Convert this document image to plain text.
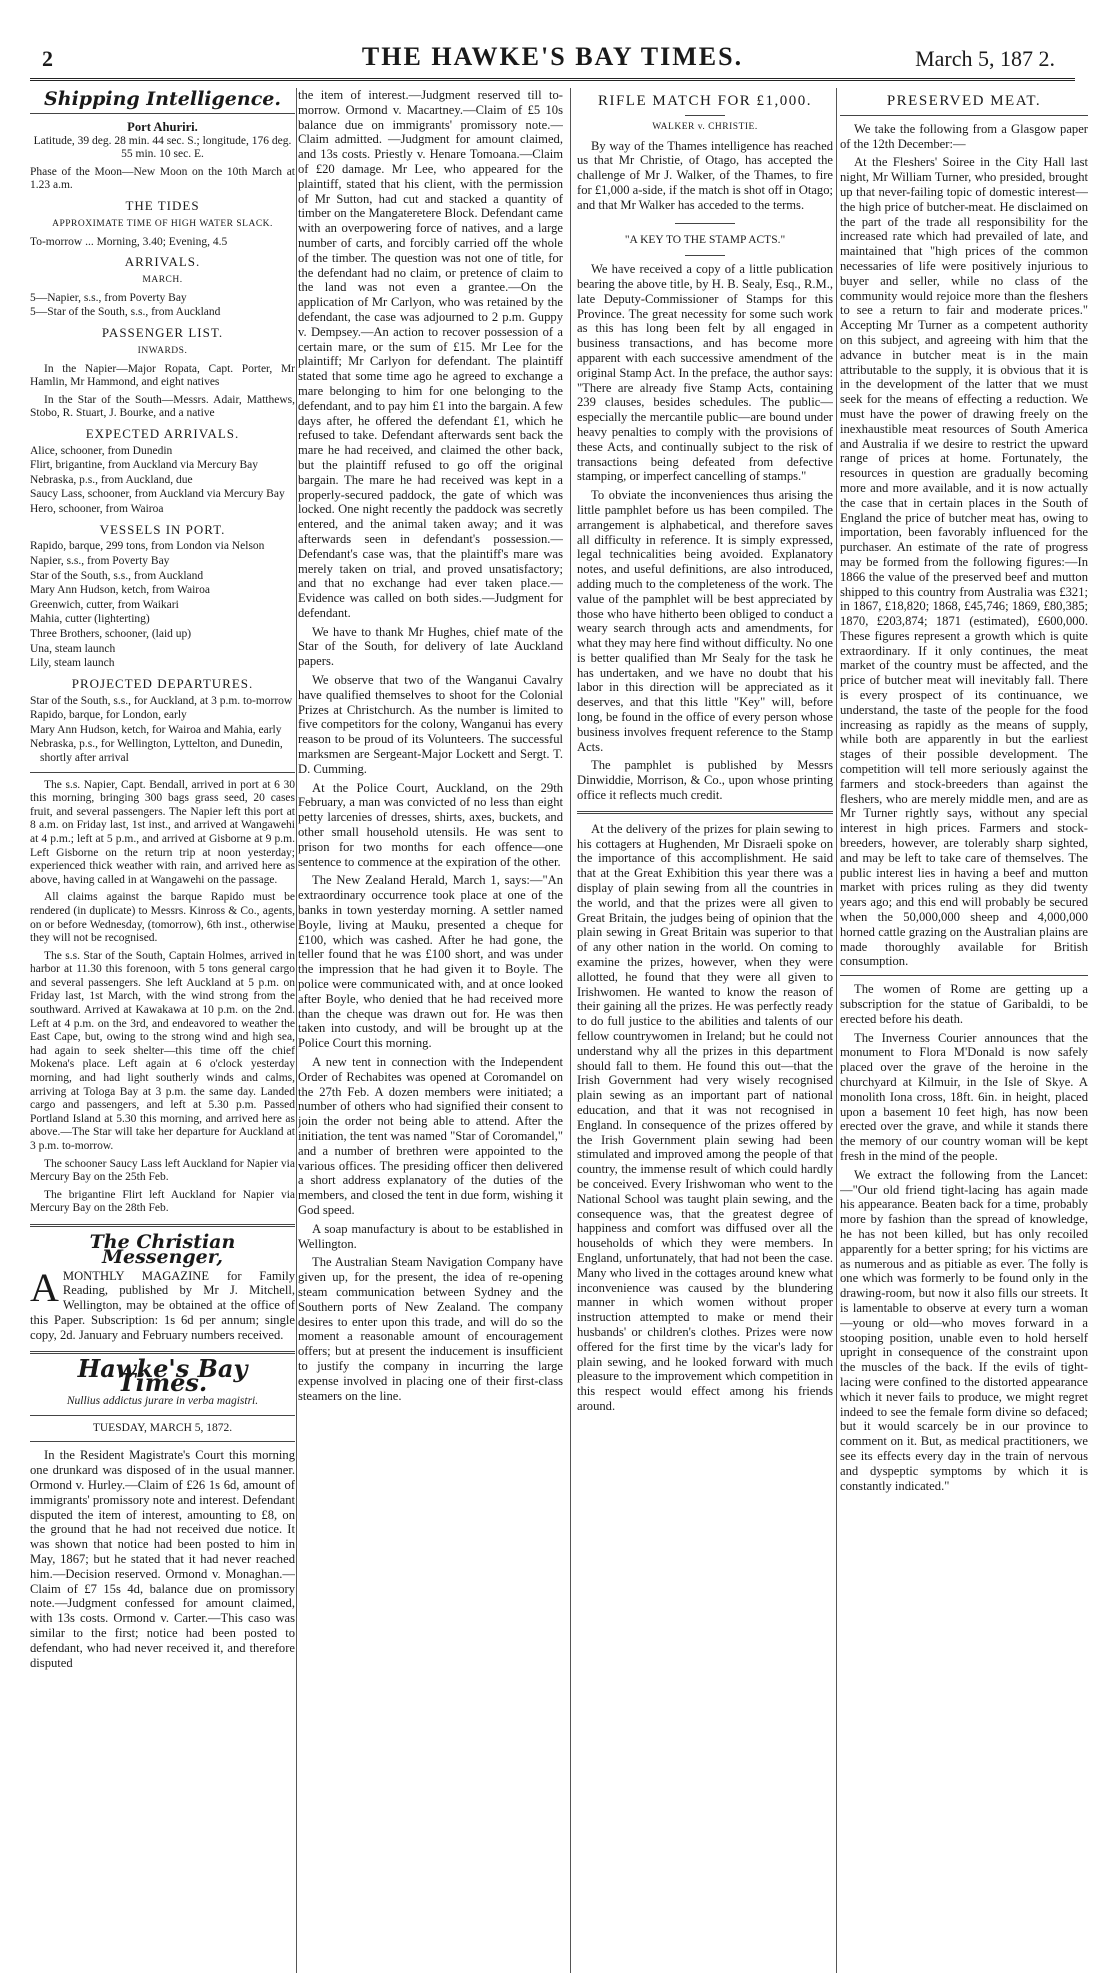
2	THE HAWKE'S BAY TIMES.	March 5, 187 2.
Shipping Intelligence.
Port Ahuriri.

Latitude, 39 deg. 28 min. 44 sec. S.; longitude, 176 deg. 55 min. 10 sec. E.

Phase of the Moon—New Moon on the 10th March at 1.23 a.m.

THE TIDES
APPROXIMATE TIME OF HIGH WATER SLACK.

To-morrow ... Morning, 3.40; Evening, 4.5

ARRIVALS.
MARCH.
5—Napier, s.s., from Poverty Bay
5—Star of the South, s.s., from Auckland
PASSENGER LIST.
INWARDS.

In the Napier—Major Ropata, Capt. Porter, Mr Hamlin, Mr Hammond, and eight natives

In the Star of the South—Messrs. Adair, Matthews, Stobo, R. Stuart, J. Bourke, and a native

EXPECTED ARRIVALS.
Alice, schooner, from Dunedin
Flirt, brigantine, from Auckland via Mercury Bay
Nebraska, p.s., from Auckland, due
Saucy Lass, schooner, from Auckland via Mercury Bay
Hero, schooner, from Wairoa
VESSELS IN PORT.
Rapido, barque, 299 tons, from London via Nelson
Napier, s.s., from Poverty Bay
Star of the South, s.s., from Auckland
Mary Ann Hudson, ketch, from Wairoa
Greenwich, cutter, from Waikari
Mahia, cutter (lighterting)
Three Brothers, schooner, (laid up)
Una, steam launch
Lily, steam launch
PROJECTED DEPARTURES.
Star of the South, s.s., for Auckland, at 3 p.m. to-morrow
Rapido, barque, for London, early
Mary Ann Hudson, ketch, for Wairoa and Mahia, early
Nebraska, p.s., for Wellington, Lyttelton, and Dunedin, shortly after arrival

The s.s. Napier, Capt. Bendall, arrived in port at 6 30 this morning, bringing 300 bags grass seed, 20 cases fruit, and several passengers. The Napier left this port at 8 a.m. on Friday last, 1st inst., and arrived at Wangawehi at 4 p.m.; left at 5 p.m., and arrived at Gisborne at 9 p.m. Left Gisborne on the return trip at noon yesterday; experienced thick weather with rain, and arrived here as above, having called in at Wangawehi on the passage.

All claims against the barque Rapido must be rendered (in duplicate) to Messrs. Kinross & Co., agents, on or before Wednesday, (tomorrow), 6th inst., otherwise they will not be recognised.

The s.s. Star of the South, Captain Holmes, arrived in harbor at 11.30 this forenoon, with 5 tons general cargo and several passengers. She left Auckland at 5 p.m. on Friday last, 1st March, with the wind strong from the southward. Arrived at Kawakawa at 10 p.m. on the 2nd. Left at 4 p.m. on the 3rd, and endeavored to weather the East Cape, but, owing to the strong wind and high sea, had again to seek shelter—this time off the chief Mokena's place. Left again at 6 o'clock yesterday morning, and had light southerly winds and calms, arriving at Tologa Bay at 3 p.m. the same day. Landed cargo and passengers, and left at 5.30 p.m. Passed Portland Island at 5.30 this morning, and arrived here as above.—The Star will take her departure for Auckland at 3 p.m. to-morrow.

The schooner Saucy Lass left Auckland for Napier via Mercury Bay on the 25th Feb.

The brigantine Flirt left Auckland for Napier via Mercury Bay on the 28th Feb.

The Christian Messenger,

AMONTHLY MAGAZINE for Family Reading, published by Mr J. Mitchell, Wellington, may be obtained at the office of this Paper. Subscription: 1s 6d per annum; single copy, 2d. January and February numbers received.

Hawke's Bay Times.
Nullius addictus jurare in verba magistri.
TUESDAY, MARCH 5, 1872.

In the Resident Magistrate's Court this morning one drunkard was disposed of in the usual manner. Ormond v. Hurley.—Claim of £26 1s 6d, amount of immigrants' promissory note and interest. Defendant disputed the item of interest, amounting to £8, on the ground that he had not received due notice. It was shown that notice had been posted to him in May, 1867; but he stated that it had never reached him.—Decision reserved. Ormond v. Monaghan.—Claim of £7 15s 4d, balance due on promissory note.—Judgment confessed for amount claimed, with 13s costs. Ormond v. Carter.—This caso was similar to the first; notice had been posted to defendant, who had never received it, and therefore disputed

the item of interest.—Judgment reserved till to-morrow. Ormond v. Macartney.—Claim of £5 10s balance due on immigrants' promissory note.—Claim admitted. —Judgment for amount claimed, and 13s costs. Priestly v. Henare Tomoana.—Claim of £20 damage. Mr Lee, who appeared for the plaintiff, stated that his client, with the permission of Mr Sutton, had cut and stacked a quantity of timber on the Mangateretere Block. Defendant came with an overpowering force of natives, and a large number of carts, and forcibly carried off the whole of the timber. The question was not one of title, for the defendant had no claim, or pretence of claim to the land was not even a grantee.—On the application of Mr Carlyon, who was retained by the defendant, the case was adjourned to 2 p.m. Guppy v. Dempsey.—An action to recover possession of a certain mare, or the sum of £15. Mr Lee for the plaintiff; Mr Carlyon for defendant. The plaintiff stated that some time ago he agreed to exchange a mare belonging to him for one belonging to the defendant, and to pay him £1 into the bargain. A few days after, he offered the defendant £1, which he refused to take. Defendant afterwards sent back the mare he had received, and claimed the other back, but the plaintiff refused to go off the original bargain. The mare he had received was kept in a properly-secured paddock, the gate of which was locked. One night recently the paddock was secretly entered, and the animal taken away; and it was afterwards seen in defendant's possession.—Defendant's case was, that the plaintiff's mare was merely taken on trial, and proved unsatisfactory; and that no exchange had ever taken place.—Evidence was called on both sides.—Judgment for defendant.

We have to thank Mr Hughes, chief mate of the Star of the South, for delivery of late Auckland papers.

We observe that two of the Wanganui Cavalry have qualified themselves to shoot for the Colonial Prizes at Christchurch. As the number is limited to five competitors for the colony, Wanganui has every reason to be proud of its Volunteers. The successful marksmen are Sergeant-Major Lockett and Sergt. T. D. Cumming.

At the Police Court, Auckland, on the 29th February, a man was convicted of no less than eight petty larcenies of dresses, shirts, axes, buckets, and other small household utensils. He was sent to prison for two months for each offence—one sentence to commence at the expiration of the other.

The New Zealand Herald, March 1, says:—"An extraordinary occurrence took place at one of the banks in town yesterday morning. A settler named Boyle, living at Mauku, presented a cheque for £100, which was cashed. After he had gone, the teller found that he was £100 short, and was under the impression that he had given it to Boyle. The police were communicated with, and at once looked after Boyle, who denied that he had received more than the cheque was drawn out for. He was then taken into custody, and will be brought up at the Police Court this morning.

A new tent in connection with the Independent Order of Rechabites was opened at Coromandel on the 27th Feb. A dozen members were initiated; a number of others who had signified their consent to join the order not being able to attend. After the initiation, the tent was named "Star of Coromandel," and a number of brethren were appointed to the various offices. The presiding officer then delivered a short address explanatory of the duties of the members, and closed the tent in due form, wishing it God speed.

A soap manufactury is about to be established in Wellington.

The Australian Steam Navigation Company have given up, for the present, the idea of re-opening steam communication between Sydney and the Southern ports of New Zealand. The company desires to enter upon this trade, and will do so the moment a reasonable amount of encouragement offers; but at present the inducement is insufficient to justify the company in incurring the large expense involved in placing one of their first-class steamers on the line.

RIFLE MATCH FOR £1,000.
WALKER v. CHRISTIE.

By way of the Thames intelligence has reached us that Mr Christie, of Otago, has accepted the challenge of Mr J. Walker, of the Thames, to fire for £1,000 a-side, if the match is shot off in Otago; and that Mr Walker has acceded to the terms.

"A KEY TO THE STAMP ACTS."

We have received a copy of a little publication bearing the above title, by H. B. Sealy, Esq., R.M., late Deputy-Commissioner of Stamps for this Province. The great necessity for some such work as this has long been felt by all engaged in business transactions, and has become more apparent with each successive amendment of the original Stamp Act. In the preface, the author says: "There are already five Stamp Acts, containing 239 clauses, besides schedules. The public—especially the mercantile public—are bound under heavy penalties to comply with the provisions of these Acts, and continually subject to the risk of transactions being defeated from defective stamping, or imperfect cancelling of stamps."

To obviate the inconveniences thus arising the little pamphlet before us has been compiled. The arrangement is alphabetical, and therefore saves all difficulty in reference. It is simply expressed, legal technicalities being avoided. Explanatory notes, and useful definitions, are also introduced, adding much to the completeness of the work. The value of the pamphlet will be best appreciated by those who have hitherto been obliged to conduct a weary search through acts and amendments, for what they may here find without difficulty. No one is better qualified than Mr Sealy for the task he has undertaken, and we have no doubt that his labor in this direction will be appreciated as it deserves, and that this little "Key" will, before long, be found in the office of every person whose business involves frequent reference to the Stamp Acts.

The pamphlet is published by Messrs Dinwiddie, Morrison, & Co., upon whose printing office it reflects much credit.

At the delivery of the prizes for plain sewing to his cottagers at Hughenden, Mr Disraeli spoke on the importance of this accomplishment. He said that at the Great Exhibition this year there was a display of plain sewing from all the countries in the world, and that the prizes were all given to Great Britain, the judges being of opinion that the plain sewing in Great Britain was superior to that of any other nation in the world. On coming to examine the prizes, however, when they were allotted, he found that they were all given to Irishwomen. He wanted to know the reason of their gaining all the prizes. He was perfectly ready to do full justice to the abilities and talents of our fellow countrywomen in Ireland; but he could not understand why all the prizes in this department should fall to them. He found this out—that the Irish Government had very wisely recognised plain sewing as an important part of national education, and that it was not recognised in England. In consequence of the prizes offered by the Irish Government plain sewing had been stimulated and improved among the people of that country, the immense result of which could hardly be conceived. Every Irishwoman who went to the National School was taught plain sewing, and the consequence was, that the greatest degree of happiness and comfort was diffused over all the households of which they were members. In England, unfortunately, that had not been the case. Many who lived in the cottages around knew what inconvenience was caused by the blundering manner in which women without proper instruction attempted to make or mend their husbands' or children's clothes. Prizes were now offered for the first time by the vicar's lady for plain sewing, and he looked forward with much pleasure to the improvement which competition in this respect would effect among his friends around.

PRESERVED MEAT.

We take the following from a Glasgow paper of the 12th December:—

At the Fleshers' Soiree in the City Hall last night, Mr William Turner, who presided, brought up that never-failing topic of domestic interest—the high price of butcher-meat. He disclaimed on the part of the trade all responsibility for the increased rate which had prevailed of late, and maintained that "high prices of the common necessaries of life were positively injurious to buyer and seller, while no class of the community would rejoice more than the fleshers to see a return to fair and moderate prices." Accepting Mr Turner as a competent authority on this subject, and agreeing with him that the advance in butcher meat is in the main attributable to the supply, it is obvious that it is in the development of the latter that we must seek for the means of effecting a reduction. We must have the power of drawing freely on the inexhaustible meat resources of South America and Australia if we desire to restrict the upward range of prices at home. Fortunately, the resources in question are gradually becoming more and more available, and it is now actually the case that in certain places in the South of England the price of butcher meat has, owing to importation, been favorably influenced for the purchaser. An estimate of the rate of progress may be formed from the following figures:—In 1866 the value of the preserved beef and mutton shipped to this country from Australia was £321; in 1867, £18,820; 1868, £45,746; 1869, £80,385; 1870, £203,874; 1871 (estimated), £600,000. These figures represent a growth which is quite extraordinary. If it only continues, the meat market of the country must be affected, and the price of butcher meat will inevitably fall. There is every prospect of its continuance, we understand, the taste of the people for the food increasing as rapidly as the means of supply, while both are apparently in but the earliest stages of their possible development. The competition will tell more seriously against the farmers and stock-breeders than against the fleshers, who are merely middle men, and are as Mr Turner rightly says, without any special interest in high prices. Farmers and stock-breeders, however, are tolerably sharp sighted, and may be left to take care of themselves. The public interest lies in having a beef and mutton market with prices ruling as they did twenty years ago; and this end will probably be secured when the 50,000,000 sheep and 4,000,000 horned cattle grazing on the Australian plains are made thoroughly available for British consumption.

The women of Rome are getting up a subscription for the statue of Garibaldi, to be erected before his death.

The Inverness Courier announces that the monument to Flora M'Donald is now safely placed over the grave of the heroine in the churchyard at Kilmuir, in the Isle of Skye. A monolith Iona cross, 18ft. 6in. in height, placed upon a basement 10 feet high, has now been erected over the grave, and while it stands there the memory of our country woman will be kept fresh in the mind of the people.

We extract the following from the Lancet:—"Our old friend tight-lacing has again made his appearance. Beaten back for a time, probably more by fashion than the spread of knowledge, he has not been killed, but has only recoiled apparently for a better spring; for his victims are as numerous and as pitiable as ever. The folly is one which was formerly to be found only in the drawing-room, but now it also fills our streets. It is lamentable to observe at every turn a woman—young or old—who moves forward in a stooping position, unable even to hold herself upright in consequence of the constraint upon the muscles of the back. If the evils of tight-lacing were confined to the distorted appearance which it never fails to produce, we might regret indeed to see the female form divine so defaced; but it would scarcely be in our province to comment on it. But, as medical practitioners, we see its effects every day in the train of nervous and dyspeptic symptoms by which it is constantly indicated."
